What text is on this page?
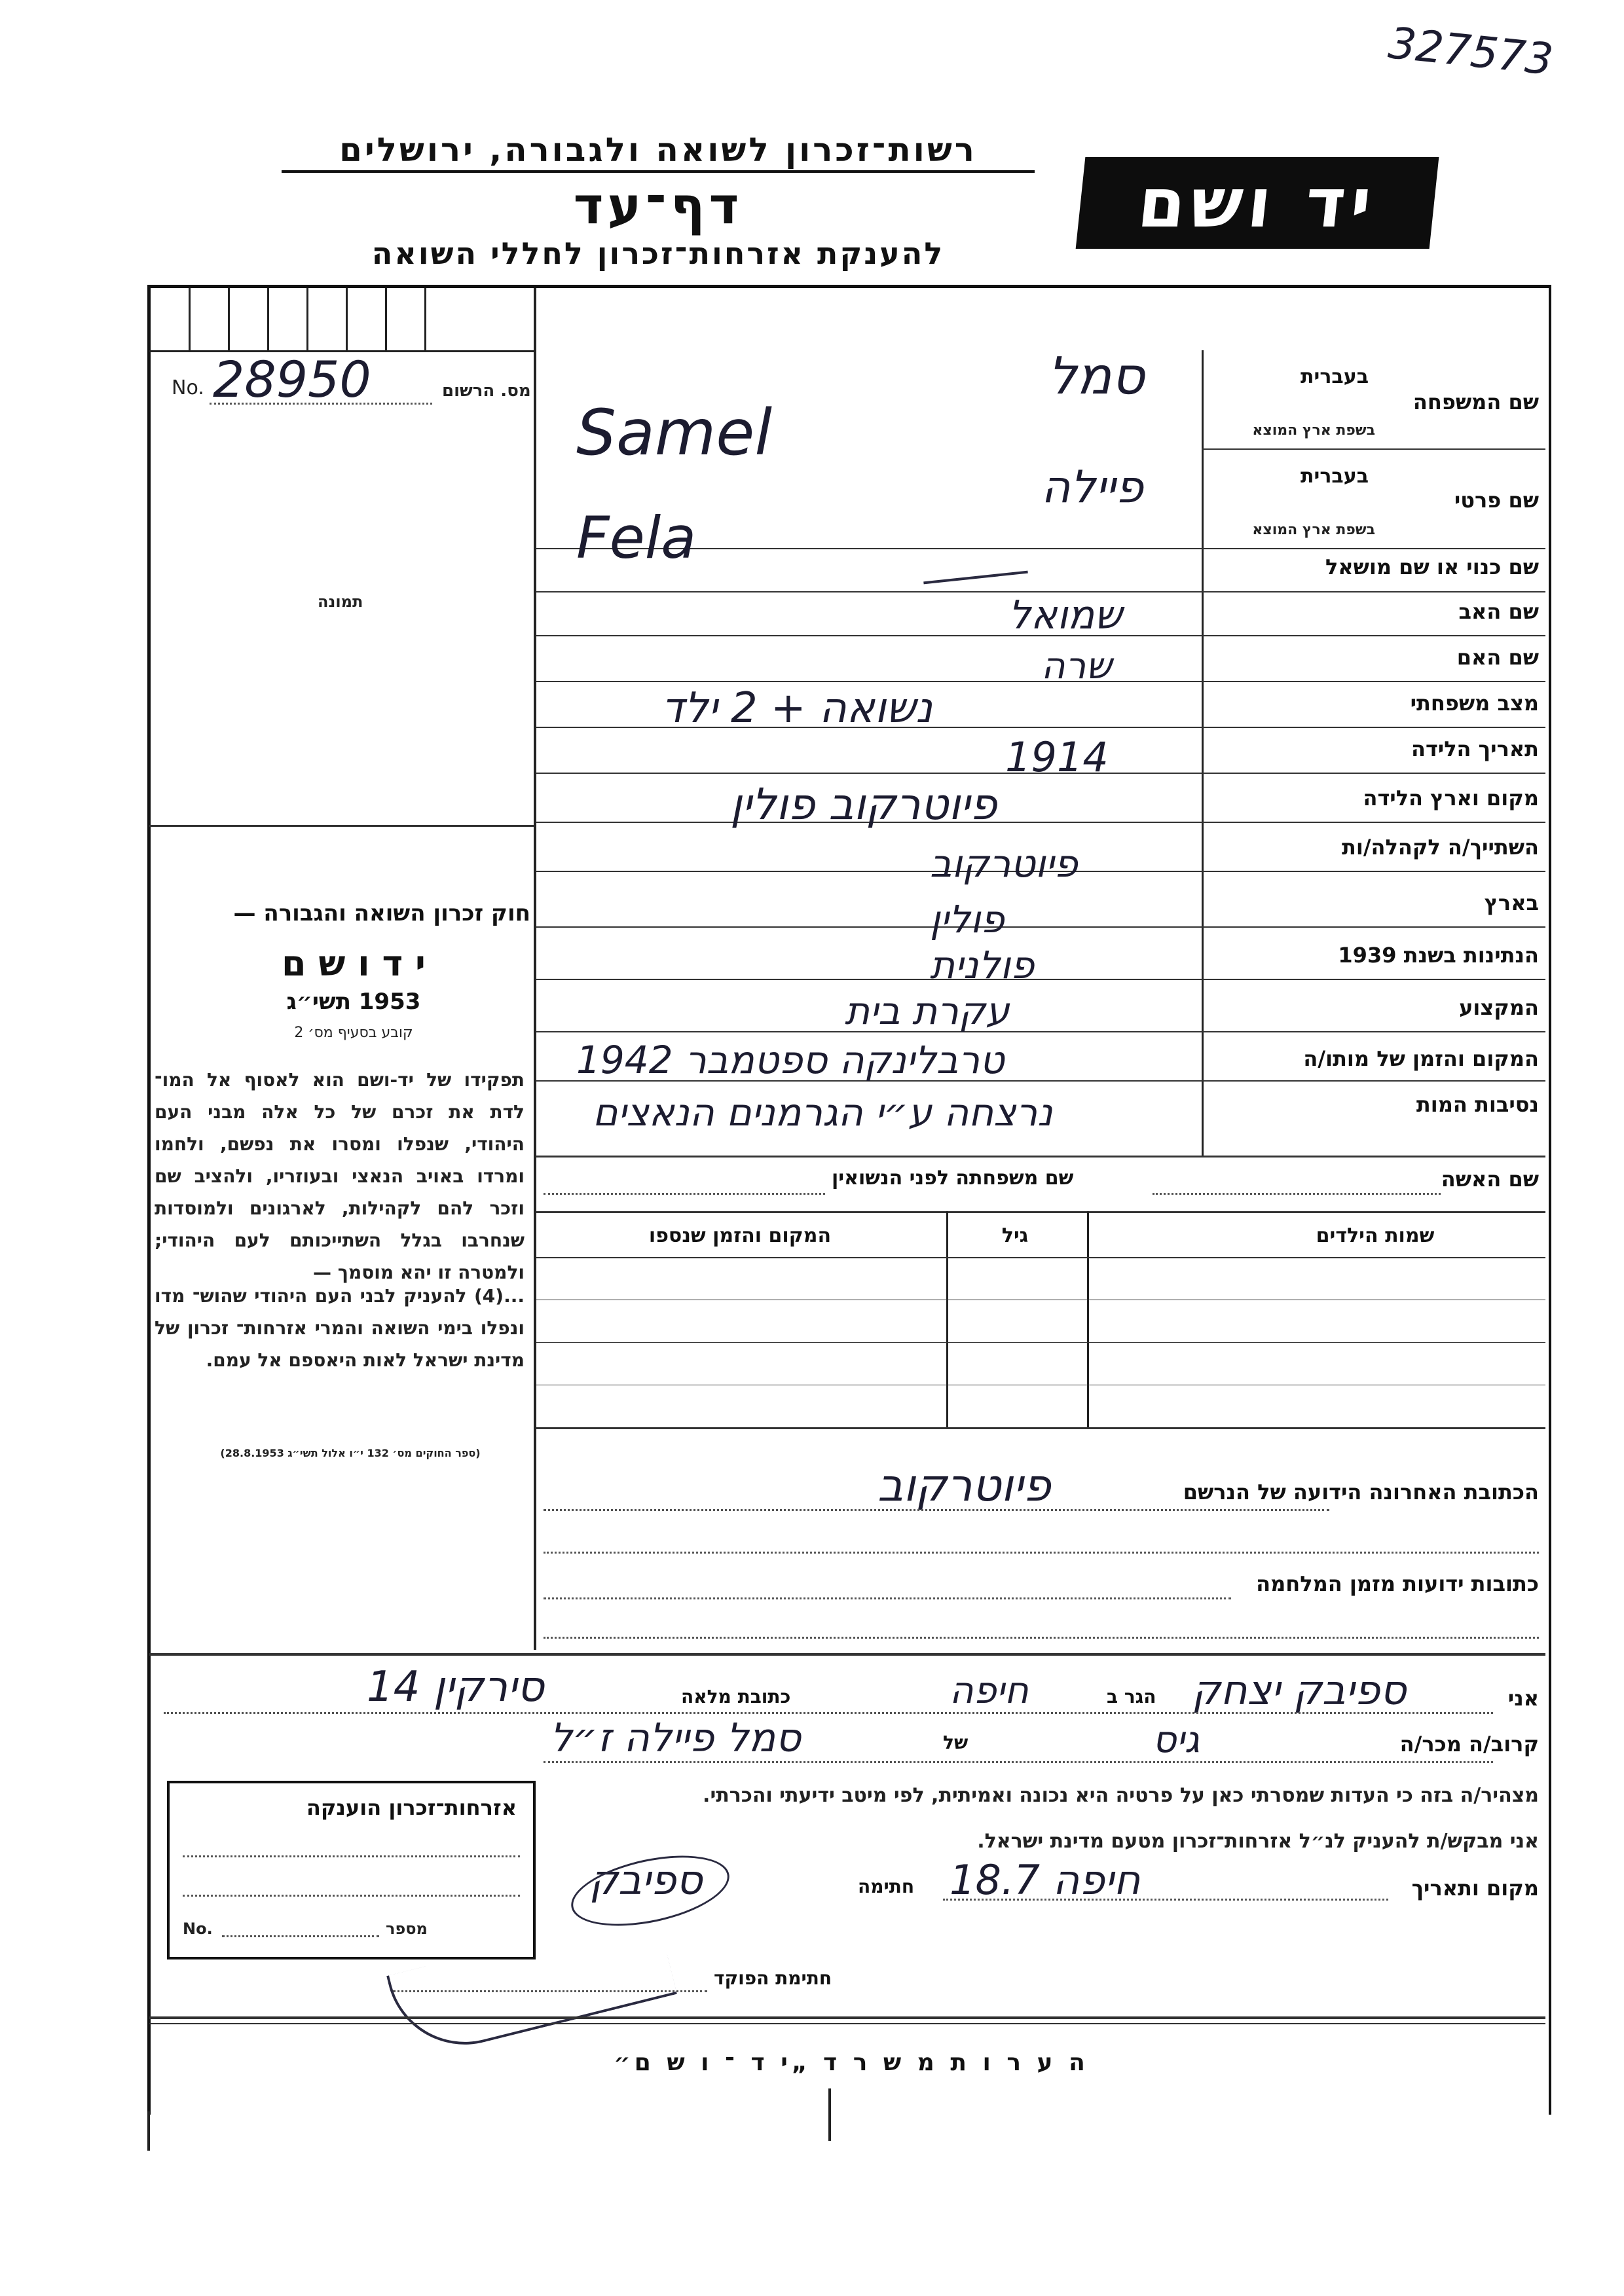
327573
יד ושם
רשות־זכרון לשואה ולגבורה, ירושלים
דף־עד
להענקת אזרחות־זכרון לחללי השואה
No. 28950	מס. הרשום
תמונה
חוק זכרון השואה והגבורה —
י ד ו ש ם
1953 תשי״ג
קובע בסעיף מס׳ 2
תפקידו של יד-ושם הוא לאסוף אל המו־ לדת את זכרם של כל אלה מבני העם היהודי, שנפלו ומסרו את נפשם, ולחמו ומרדו באויב הנאצי ובעוזריו, ולהציב שם וזכר להם לקהילות, לארגונים ולמוסדות שנחרבו בגלל השתייכותם לעם היהודי; ולמטרה זו יהא מוסמך —
...(4) להעניק לבני העם היהודי שהוש־ מדו ונפלו בימי השואה והמרי אזרחות־ זכרון של מדינת ישראל לאות היאספם אל עמם.
(ספר החוקים מס׳ 132 י״ו אלול תשי״ג 28.8.1953)
שם המשפחה
בעברית
בשפת ארץ המוצא
שם פרטי
בעברית
בשפת ארץ המוצא
שם כנוי או שם מושאל
שם האב
שם האם
מצב משפחתי
תאריך הלידה
מקום וארץ הלידה
השתייך/ה לקהלה/ות
בארץ
הנתינות בשנת 1939
המקצוע
המקום והזמן של מותו/ה
נסיבות המות
סמל
Samel
פיילה
Fela
שמואל
שרה
נשואה + 2 ילד
1914
פיוטרקוב פולין
פיוטרקוב
פולין
פולנית
עקרת בית
טרבלינקה ספטמבר 1942
נרצחה ע״י הגרמנים הנאצים
שם האשה
שם משפחתה לפני הנשואין
שמות הילדים
גיל
המקום והזמן שנספו
הכתובת האחרונה הידועה של הנרשם
פיוטרקוב
כתובות ידועות מזמן המלחמה
אני
ספיבק יצחק
הגר ב
חיפה
כתובת מלאה
סירקין 14
קרוב/ה מכר/ה
גיס
של
סמל פיילה ז״ל
מצהיר/ה בזה כי העדות שמסרתי כאן על פרטיה היא נכונה ואמיתית, לפי מיטב ידיעתי והכרתי.
אני מבקש/ת להעניק לנ״ל אזרחות־זכרון מטעם מדינת ישראל.
מקום ותאריך
חיפה 18.7
חתימה
ספיבק
אזרחות־זכרון הוענקה
No.	מספר
חתימת הפוקד
ה ע ר ו ת מ ש ר ד „י ד ־ ו ש ם״
